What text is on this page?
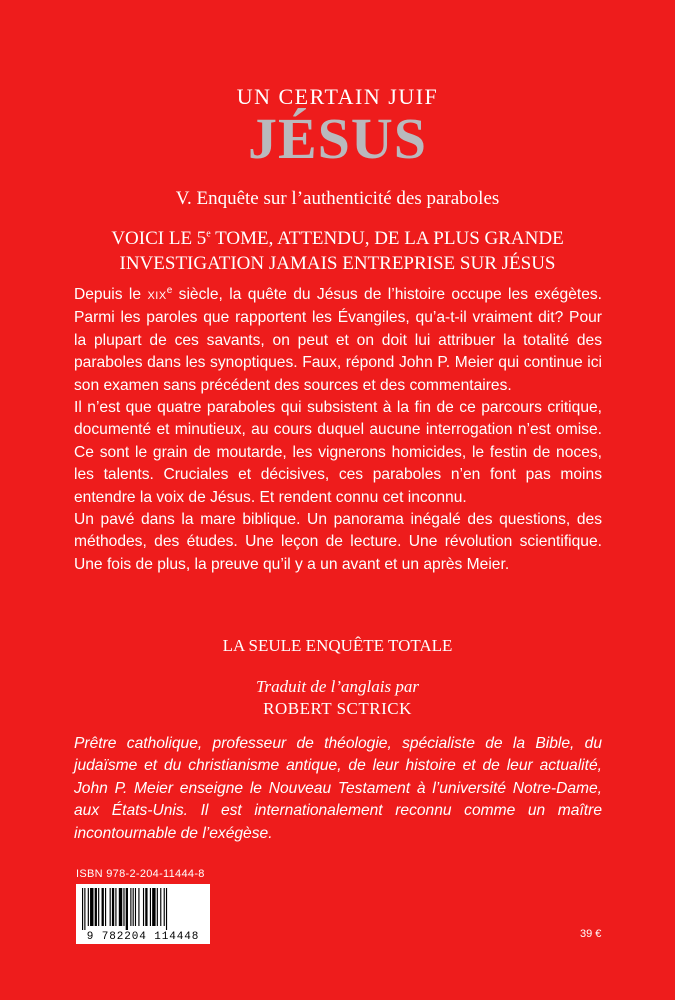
UN CERTAIN JUIF
JÉSUS
V. Enquête sur l’authenticité des paraboles
VOICI LE 5e TOME, ATTENDU, DE LA PLUS GRANDE
INVESTIGATION JAMAIS ENTREPRISE SUR JÉSUS

Depuis le XIXe siècle, la quête du Jésus de l’histoire occupe les exégètes. Parmi les paroles que rapportent les Évangiles, qu’a-t-il vraiment dit? Pour la plupart de ces savants, on peut et on doit lui attribuer la totalité des paraboles dans les synoptiques. Faux, répond John P. Meier qui continue ici son examen sans précédent des sources et des commentaires.

Il n’est que quatre paraboles qui subsistent à la fin de ce parcours critique, documenté et minutieux, au cours duquel aucune interrogation n’est omise. Ce sont le grain de moutarde, les vignerons homicides, le festin de noces, les talents. Cruciales et décisives, ces paraboles n’en font pas moins entendre la voix de Jésus. Et rendent connu cet inconnu.

Un pavé dans la mare biblique. Un panorama inégalé des questions, des méthodes, des études. Une leçon de lecture. Une révolution scientifique. Une fois de plus, la preuve qu’il y a un avant et un après Meier.

LA SEULE ENQUÊTE TOTALE
Traduit de l’anglais par
ROBERT SCTRICK
Prêtre catholique, professeur de théologie, spécialiste de la Bible, du judaïsme et du christianisme antique, de leur histoire et de leur actualité, John P. Meier enseigne le Nouveau Testament à l’université Notre-Dame, aux États-Unis. Il est internationalement reconnu comme un maître incontournable de l’exégèse.
ISBN 978-2-204-11444-8
9 782204 114448	39 €
